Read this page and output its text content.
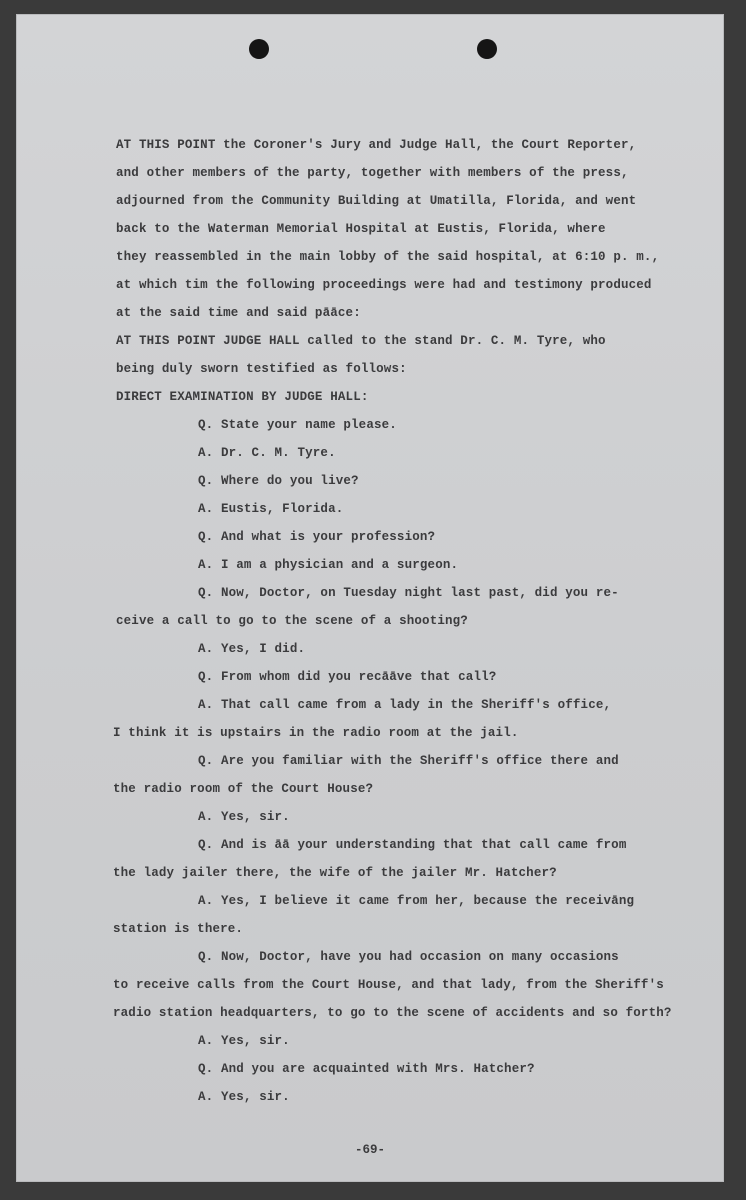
AT THIS POINT the Coroner's Jury and Judge Hall, the Court Reporter,
and other members of the party, together with members of the press,
adjourned from the Community Building at Umatilla, Florida, and went
back to the Waterman Memorial Hospital at Eustis, Florida, where
they reassembled in the main lobby of the said hospital, at 6:10 p. m.,
at which tim the following proceedings were had and testimony produced
at the said time and said pāāce:
AT THIS POINT JUDGE HALL called to the stand Dr. C. M. Tyre, who
being duly sworn testified as follows:
DIRECT EXAMINATION BY JUDGE HALL:
Q. State your name please.
A. Dr. C. M. Tyre.
Q. Where do you live?
A. Eustis, Florida.
Q. And what is your profession?
A. I am a physician and a surgeon.
Q. Now, Doctor, on Tuesday night last past, did you re-
ceive a call to go to the scene of a shooting?
A. Yes, I did.
Q. From whom did you recāāve that call?
A. That call came from a lady in the Sheriff's office,
I think it is upstairs in the radio room at the jail.
Q. Are you familiar with the Sheriff's office there and
the radio room of the Court House?
A. Yes, sir.
Q. And is āā your understanding that that call came from
the lady jailer there, the wife of the jailer Mr. Hatcher?
A. Yes, I believe it came from her, because the receivāng
station is there.
Q. Now, Doctor, have you had occasion on many occasions
to receive calls from the Court House, and that lady, from the Sheriff's
radio station headquarters, to go to the scene of accidents and so forth?
A. Yes, sir.
Q. And you are acquainted with Mrs. Hatcher?
A. Yes, sir.
-69-
